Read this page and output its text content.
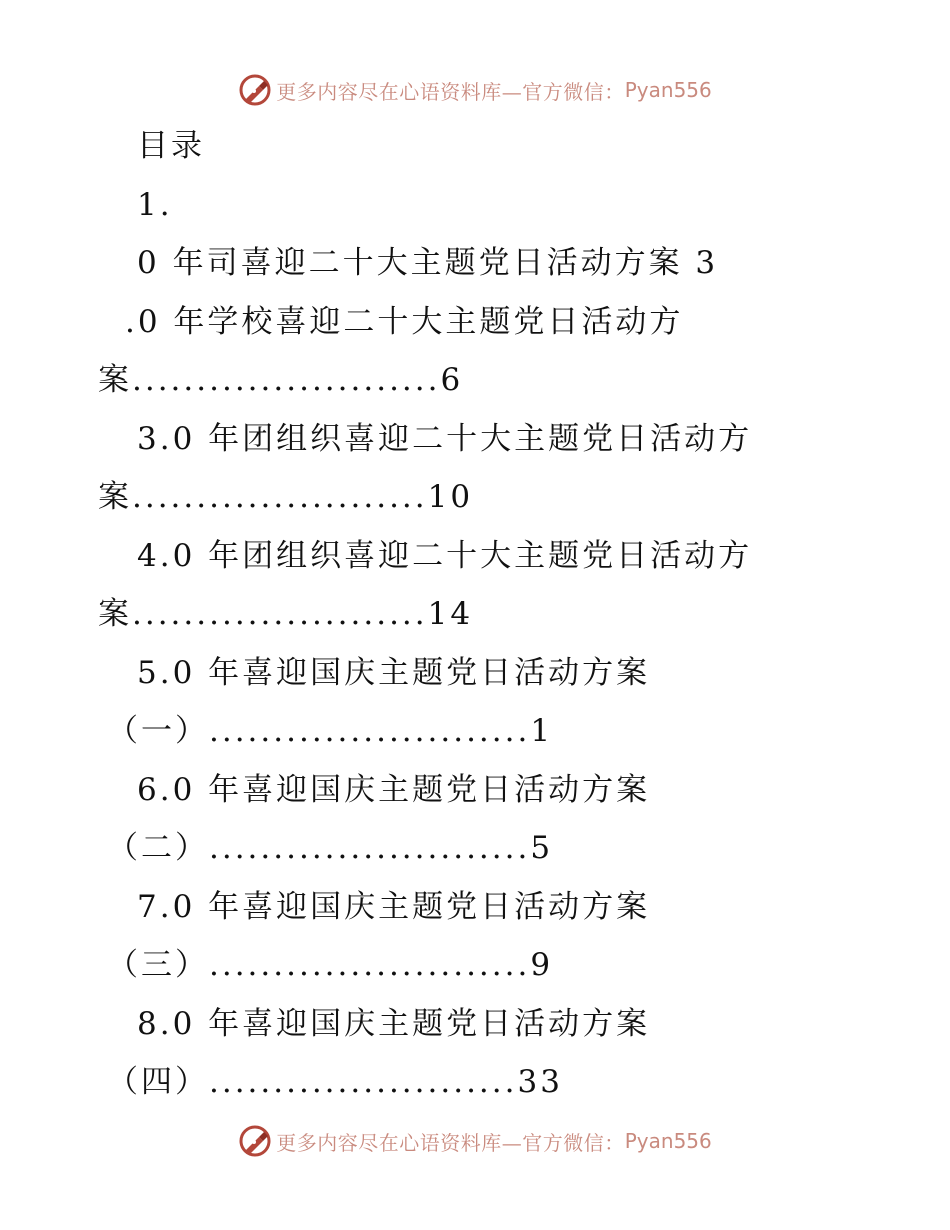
更多内容尽在心语资料库—官方微信： Pyan556
目录
1.
0 年司喜迎二十大主题党日活动方案 3
.0 年学校喜迎二十大主题党日活动方
案........................6
3.0 年团组织喜迎二十大主题党日活动方
案.......................10
4.0 年团组织喜迎二十大主题党日活动方
案.......................14
5.0 年喜迎国庆主题党日活动方案
（一）.........................1
6.0 年喜迎国庆主题党日活动方案
（二）.........................5
7.0 年喜迎国庆主题党日活动方案
（三）.........................9
8.0 年喜迎国庆主题党日活动方案
（四）........................33
更多内容尽在心语资料库—官方微信： Pyan556
